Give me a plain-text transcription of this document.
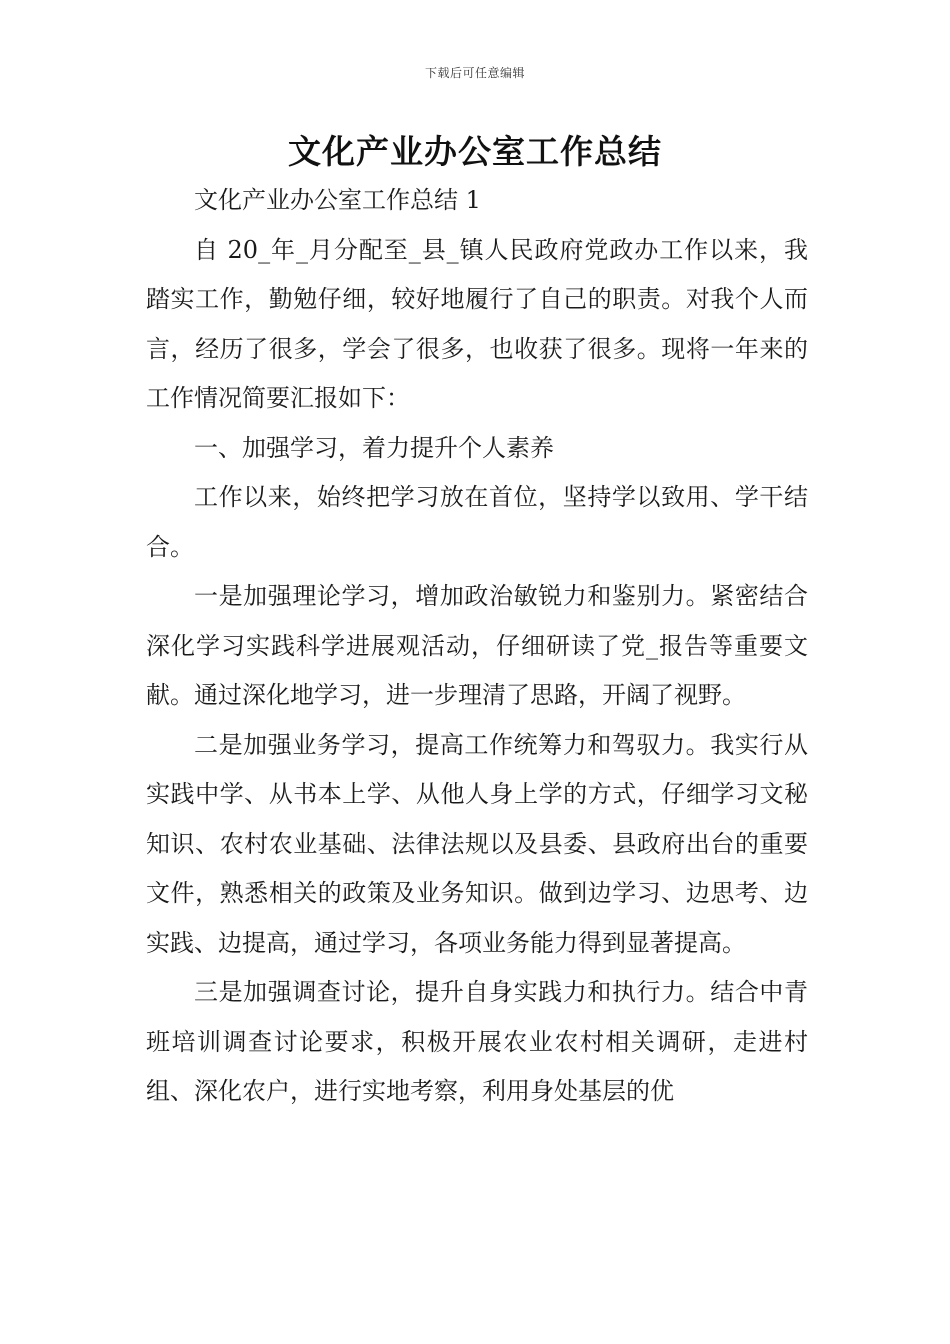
下载后可任意编辑
文化产业办公室工作总结

文化产业办公室工作总结 1

自 20_年_月分配至_县_镇人民政府党政办工作以来，我踏实工作，勤勉仔细，较好地履行了自己的职责。对我个人而言，经历了很多，学会了很多，也收获了很多。现将一年来的工作情况简要汇报如下：

一、加强学习，着力提升个人素养

工作以来，始终把学习放在首位，坚持学以致用、学干结合。

一是加强理论学习，增加政治敏锐力和鉴别力。紧密结合深化学习实践科学进展观活动，仔细研读了党_报告等重要文献。通过深化地学习，进一步理清了思路，开阔了视野。

二是加强业务学习，提高工作统筹力和驾驭力。我实行从实践中学、从书本上学、从他人身上学的方式，仔细学习文秘知识、农村农业基础、法律法规以及县委、县政府出台的重要文件，熟悉相关的政策及业务知识。做到边学习、边思考、边实践、边提高，通过学习，各项业务能力得到显著提高。

三是加强调查讨论，提升自身实践力和执行力。结合中青班培训调查讨论要求，积极开展农业农村相关调研，走进村组、深化农户，进行实地考察，利用身处基层的优
